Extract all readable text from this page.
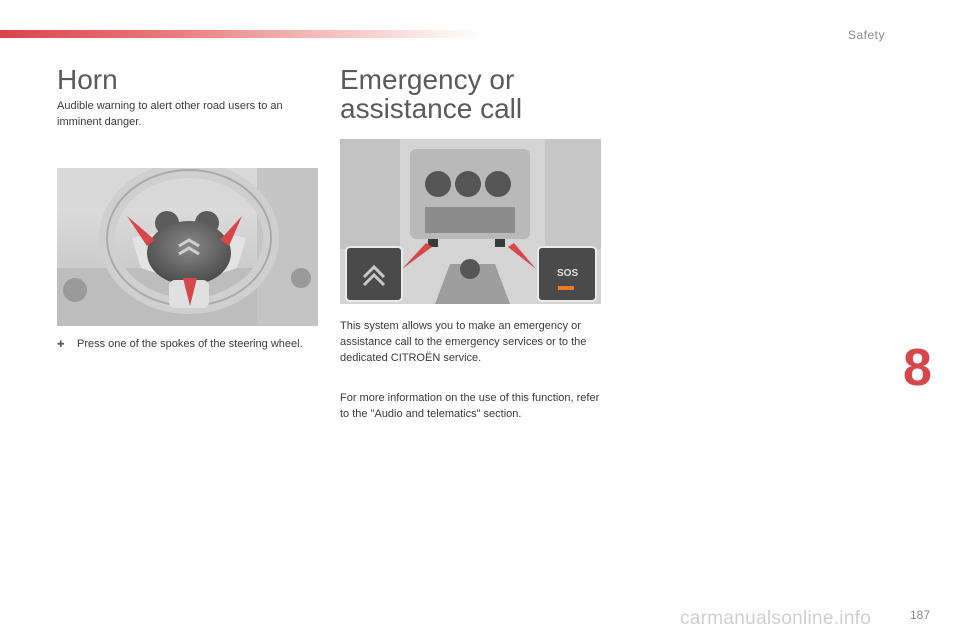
Safety
Horn

Audible warning to alert other road users to an imminent danger.

✚ Press one of the spokes of the steering wheel.

Emergency or assistance call
SOS

This system allows you to make an emergency or assistance call to the emergency services or to the dedicated CITROËN service.

For more information on the use of this function, refer to the "Audio and telematics" section.

8
carmanualsonline.info	187
